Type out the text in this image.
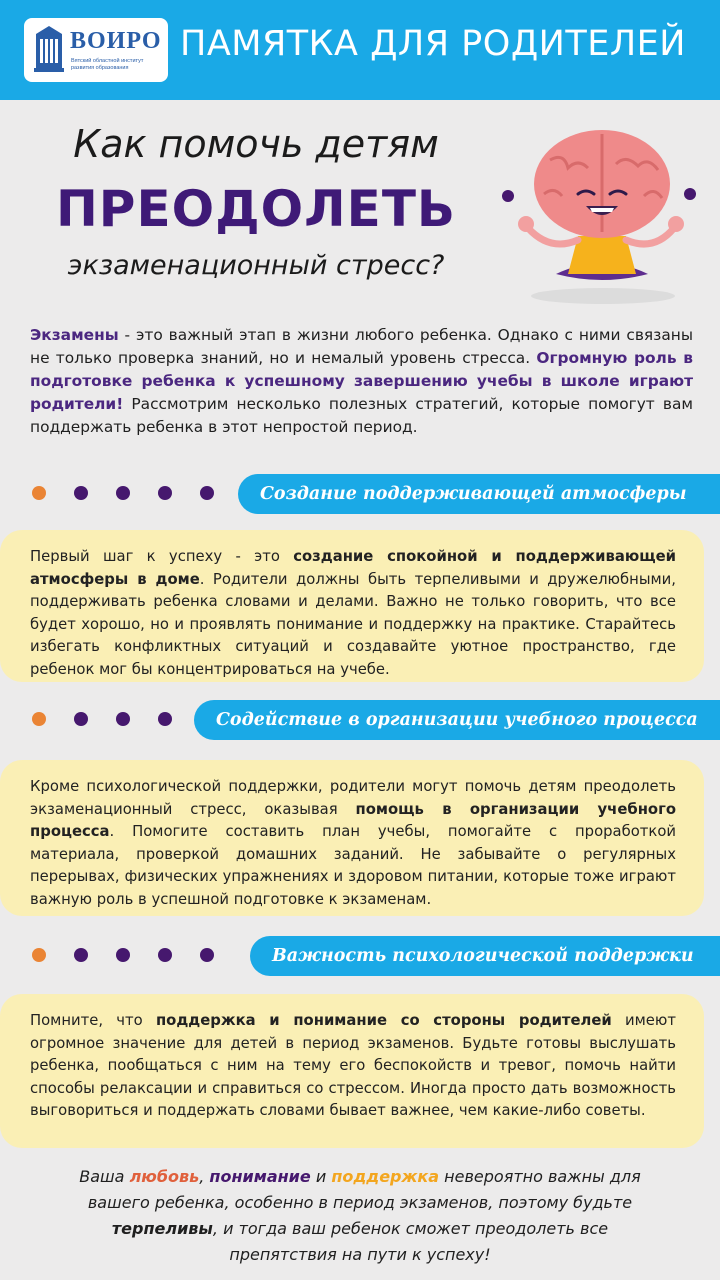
ВОИРО
Вятский областной институт развития образования
ПАМЯТКА ДЛЯ РОДИТЕЛЕЙ
Как помочь детям
ПРЕОДОЛЕТЬ
экзаменационный стресс?
Экзамены - это важный этап в жизни любого ребенка. Однако с ними связаны не только проверка знаний, но и немалый уровень стресса. Огромную роль в подготовке ребенка к успешному завершению учебы в школе играют родители! Рассмотрим несколько полезных стратегий, которые помогут вам поддержать ребенка в этот непростой период.
Создание поддерживающей атмосферы
Первый шаг к успеху - это создание спокойной и поддерживающей атмосферы в доме. Родители должны быть терпеливыми и дружелюбными, поддерживать ребенка словами и делами. Важно не только говорить, что все будет хорошо, но и проявлять понимание и поддержку на практике. Старайтесь избегать конфликтных ситуаций и создавайте уютное пространство, где ребенок мог бы концентрироваться на учебе.
Содействие в организации учебного процесса
Кроме психологической поддержки, родители могут помочь детям преодолеть экзаменационный стресс, оказывая помощь в организации учебного процесса. Помогите составить план учебы, помогайте с проработкой материала, проверкой домашних заданий. Не забывайте о регулярных перерывах, физических упражнениях и здоровом питании, которые тоже играют важную роль в успешной подготовке к экзаменам.
Важность психологической поддержки
Помните, что поддержка и понимание со стороны родителей имеют огромное значение для детей в период экзаменов. Будьте готовы выслушать ребенка, пообщаться с ним на тему его беспокойств и тревог, помочь найти способы релаксации и справиться со стрессом. Иногда просто дать возможность выговориться и поддержать словами бывает важнее, чем какие-либо советы.
Ваша любовь, понимание и поддержка невероятно важны для вашего ребенка, особенно в период экзаменов, поэтому будьте терпеливы, и тогда ваш ребенок сможет преодолеть все препятствия на пути к успеху!
